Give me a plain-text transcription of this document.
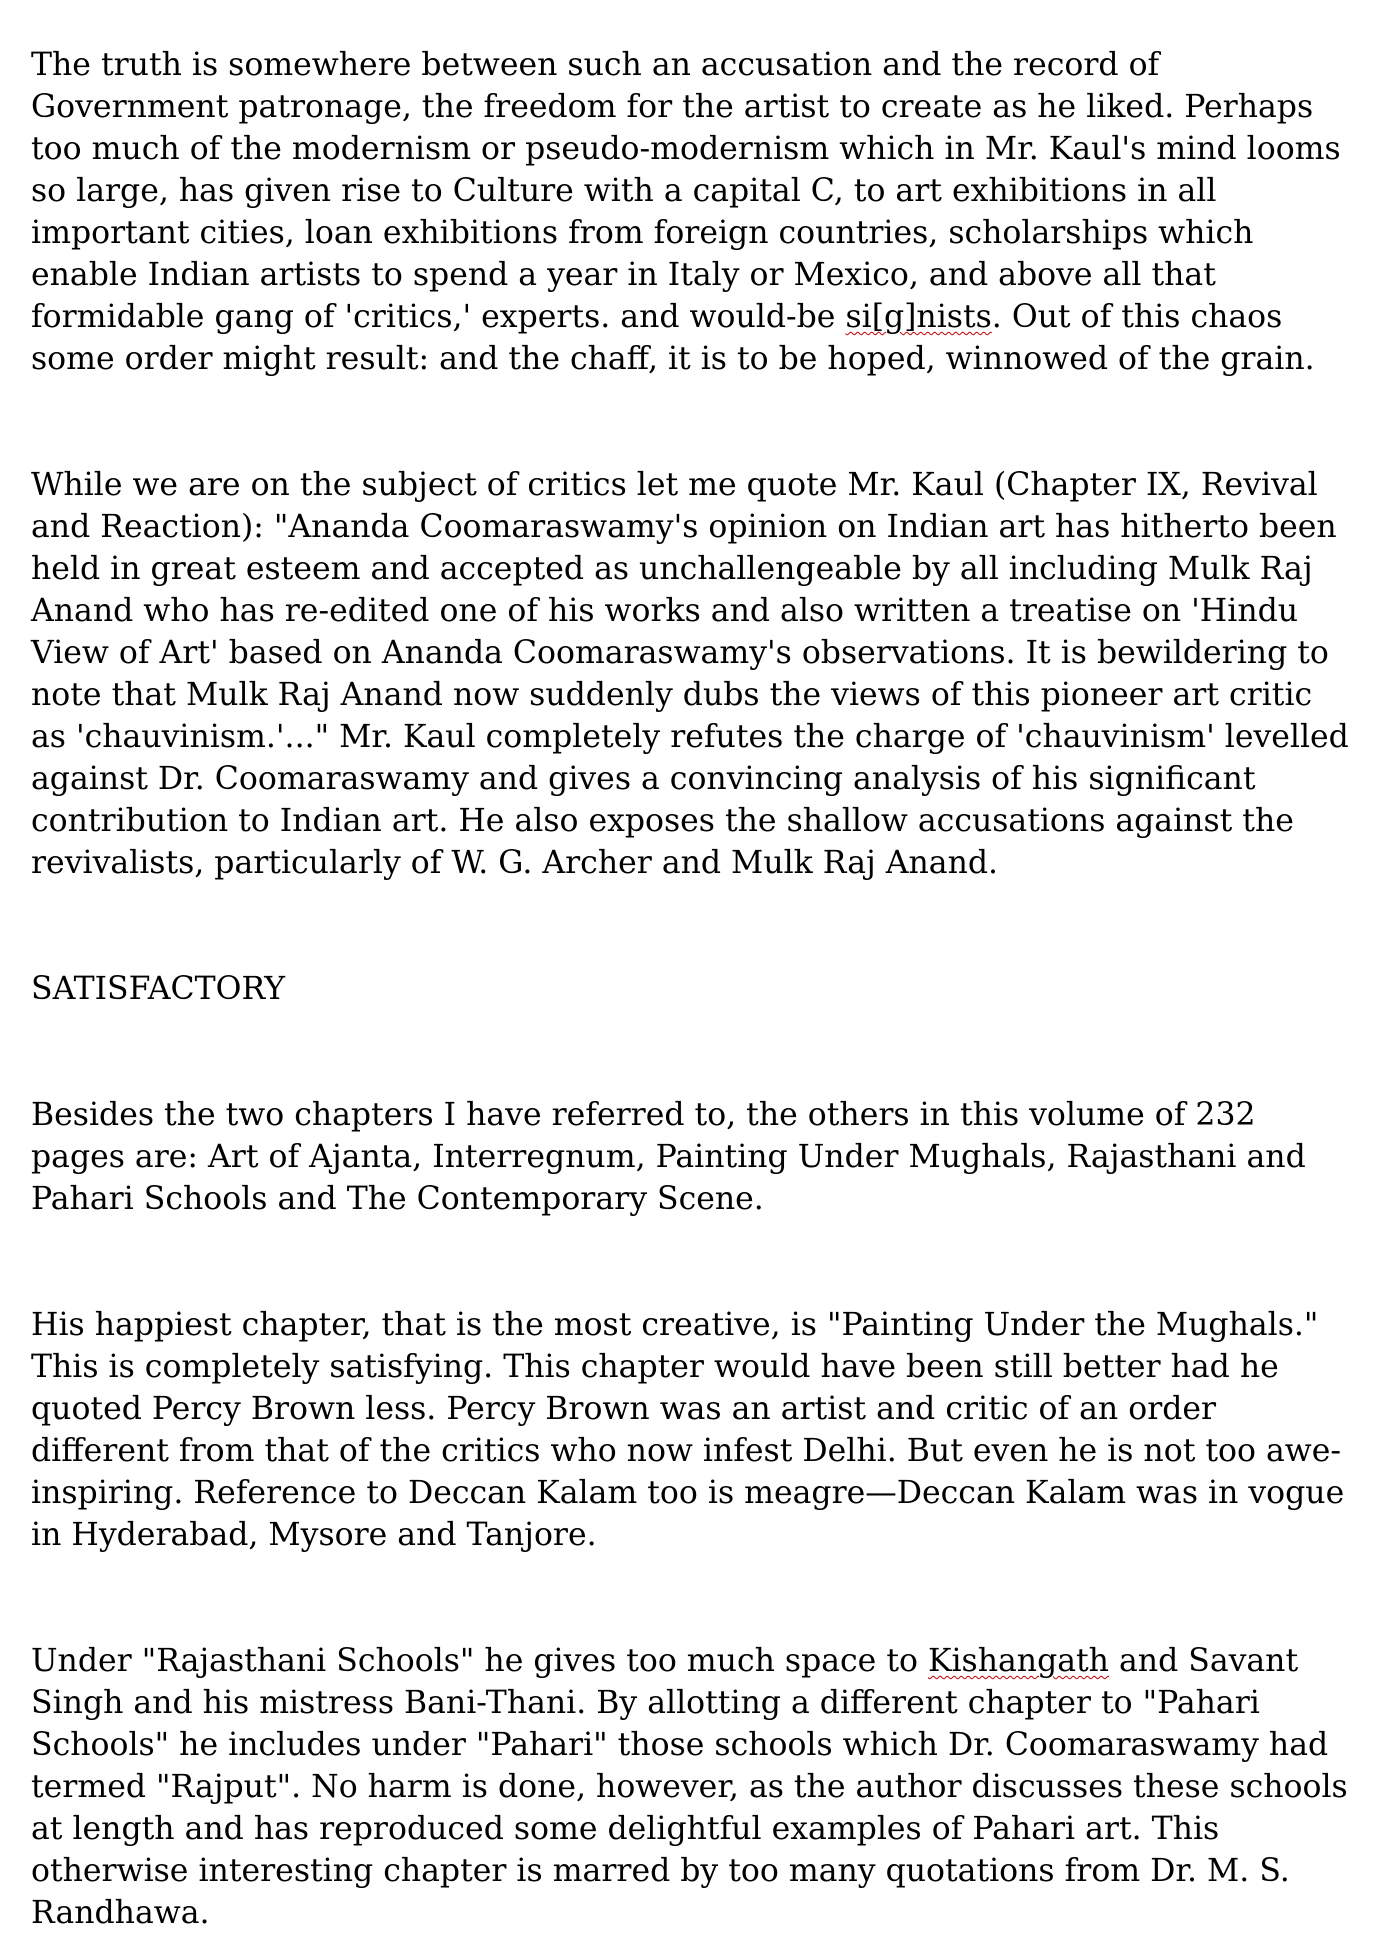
The truth is somewhere between such an accusation and the record of Government patronage, the freedom for the artist to create as he liked. Perhaps too much of the modernism or pseudo-modernism which in Mr. Kaul's mind looms so large, has given rise to Culture with a capital C, to art exhibitions in all important cities, loan exhibitions from foreign countries, scholarships which enable Indian artists to spend a year in Italy or Mexico, and above all that formidable gang of 'critics,' experts. and would-be si[g]nists. Out of this chaos some order might result: and the chaff, it is to be hoped, winnowed of the grain.

While we are on the subject of critics let me quote Mr. Kaul (Chapter IX, Revival and Reaction): "Ananda Coomaraswamy's opinion on Indian art has hitherto been held in great esteem and accepted as unchallengeable by all including Mulk Raj Anand who has re-edited one of his works and also written a treatise on 'Hindu View of Art' based on Ananda Coomaraswamy's observations. It is bewildering to note that Mulk Raj Anand now suddenly dubs the views of this pioneer art critic as 'chauvinism.'..." Mr. Kaul completely refutes the charge of 'chauvinism' levelled against Dr. Coomaraswamy and gives a convincing analysis of his significant contribution to Indian art. He also exposes the shallow accusations against the revivalists, particularly of W. G. Archer and Mulk Raj Anand.

SATISFACTORY

Besides the two chapters I have referred to, the others in this volume of 232 pages are: Art of Ajanta, Interregnum, Painting Under Mughals, Rajasthani and Pahari Schools and The Contemporary Scene.

His happiest chapter, that is the most creative, is "Painting Under the Mughals." This is completely satisfying. This chapter would have been still better had he quoted Percy Brown less. Percy Brown was an artist and critic of an order different from that of the critics who now infest Delhi. But even he is not too awe-inspiring. Reference to Deccan Kalam too is meagre—Deccan Kalam was in vogue in Hyderabad, Mysore and Tanjore.

Under "Rajasthani Schools" he gives too much space to Kishangath and Savant Singh and his mistress Bani-Thani. By allotting a different chapter to "Pahari Schools" he includes under "Pahari" those schools which Dr. Coomaraswamy had termed "Rajput". No harm is done, however, as the author discusses these schools at length and has reproduced some delightful examples of Pahari art. This otherwise interesting chapter is marred by too many quotations from Dr. M. S. Randhawa.
